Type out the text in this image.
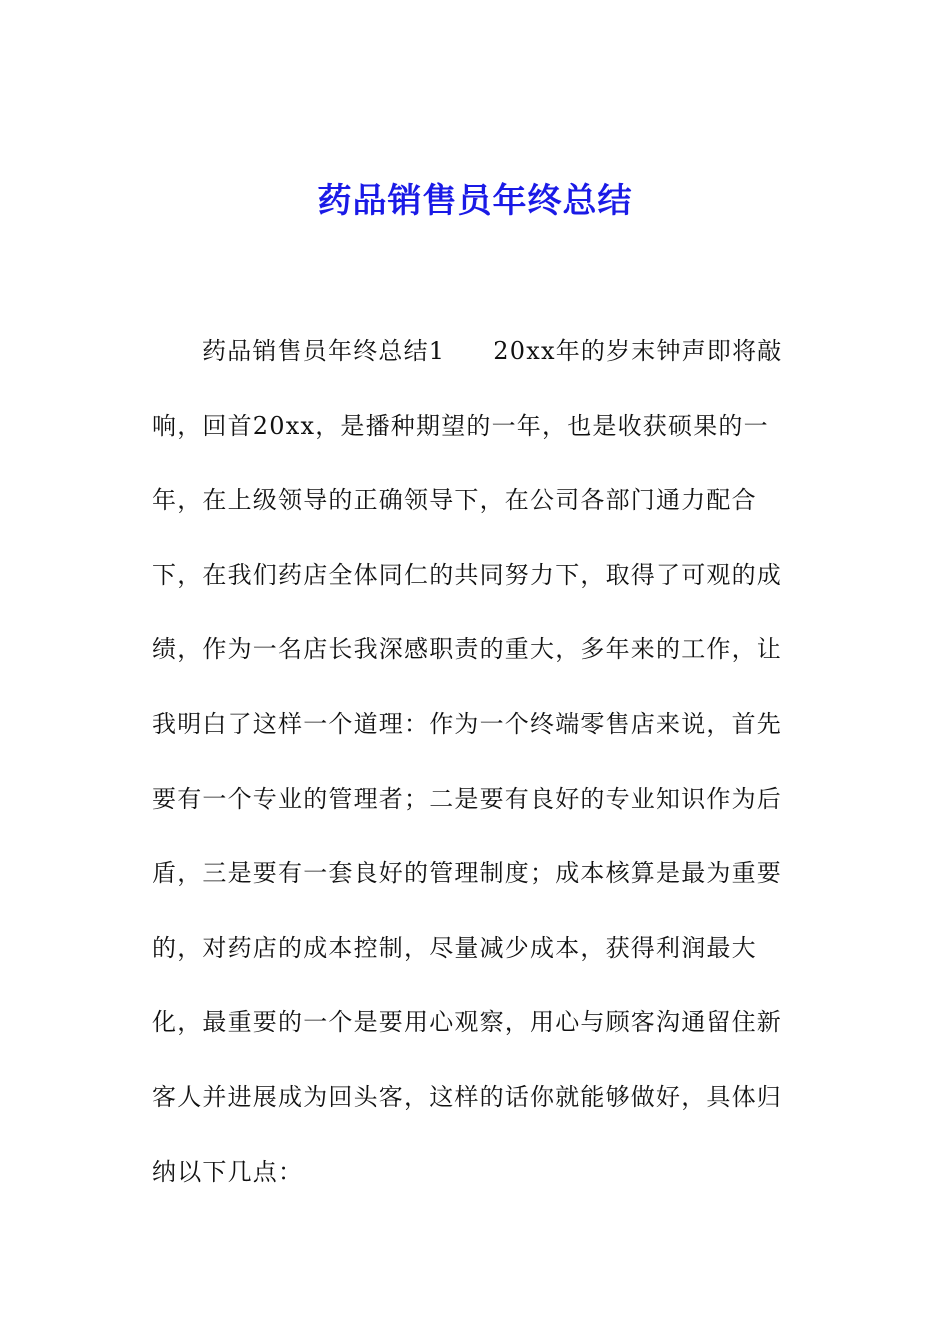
药品销售员年终总结
药品销售员年终总结1 20xx年的岁末钟声即将敲
响，回首20xx，是播种期望的一年，也是收获硕果的一
年，在上级领导的正确领导下，在公司各部门通力配合
下，在我们药店全体同仁的共同努力下，取得了可观的成
绩，作为一名店长我深感职责的重大，多年来的工作，让
我明白了这样一个道理：作为一个终端零售店来说，首先
要有一个专业的管理者；二是要有良好的专业知识作为后
盾，三是要有一套良好的管理制度；成本核算是最为重要
的，对药店的成本控制，尽量减少成本，获得利润最大
化，最重要的一个是要用心观察，用心与顾客沟通留住新
客人并进展成为回头客，这样的话你就能够做好，具体归
纳以下几点：
